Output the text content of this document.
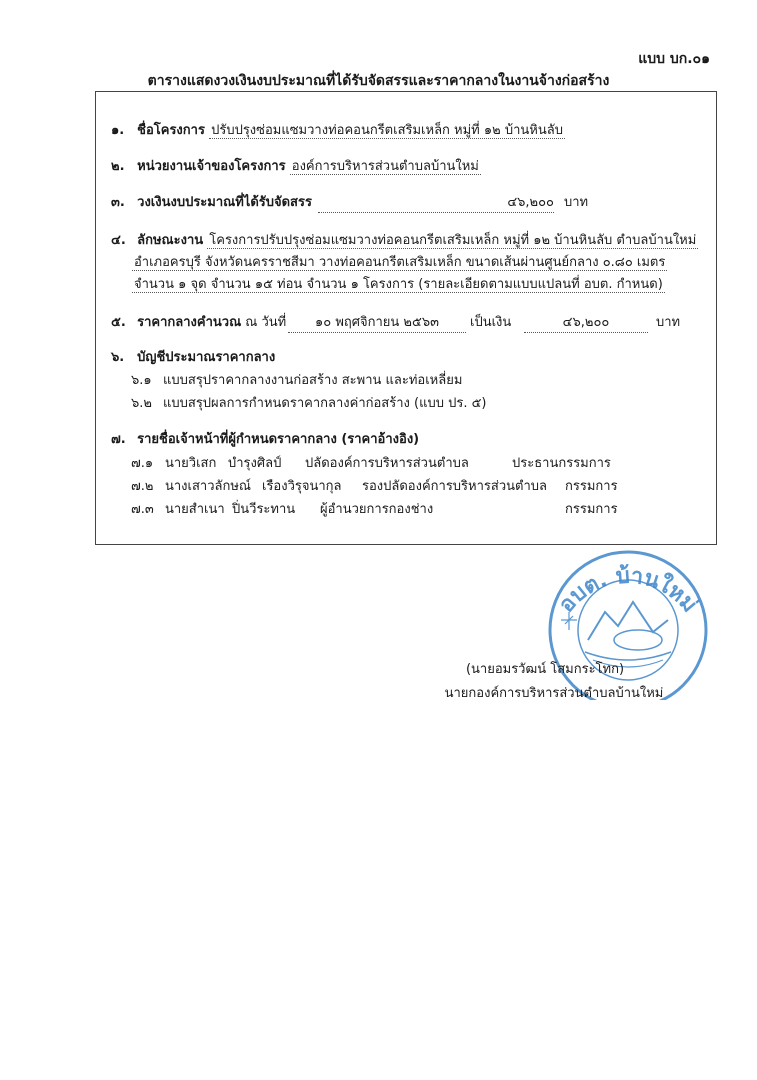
แบบ บก.๐๑
ตารางแสดงวงเงินงบประมาณที่ได้รับจัดสรรและราคากลางในงานจ้างก่อสร้าง
๑. ชื่อโครงการ ปรับปรุงซ่อมแซมวางท่อคอนกรีตเสริมเหล็ก หมู่ที่ ๑๒ บ้านหินลับ
๒. หน่วยงานเจ้าของโครงการ องค์การบริหารส่วนตำบลบ้านใหม่
๓. วงเงินงบประมาณที่ได้รับจัดสรร	๔๖,๒๐๐ บาท
๔. ลักษณะงาน โครงการปรับปรุงซ่อมแซมวางท่อคอนกรีตเสริมเหล็ก หมู่ที่ ๑๒ บ้านหินลับ ตำบลบ้านใหม่
อำเภอครบุรี จังหวัดนครราชสีมา วางท่อคอนกรีตเสริมเหล็ก ขนาดเส้นผ่านศูนย์กลาง ๐.๘๐ เมตร
จำนวน ๑ จุด จำนวน ๑๕ ท่อน จำนวน ๑ โครงการ (รายละเอียดตามแบบแปลนที่ อบต. กำหนด)
๕. ราคากลางคำนวณ ณ วันที่	๑๐ พฤศจิกายน ๒๕๖๓	เป็นเงิน	๔๖,๒๐๐	บาท
๖. บัญชีประมาณราคากลาง
๖.๑ แบบสรุปราคากลางงานก่อสร้าง สะพาน และท่อเหลี่ยม
๖.๒ แบบสรุปผลการกำหนดราคากลางค่าก่อสร้าง (แบบ ปร. ๕)
๗. รายชื่อเจ้าหน้าที่ผู้กำหนดราคากลาง (ราคาอ้างอิง)
๗.๑ นายวิเสก บำรุงศิลป์ ปลัดองค์การบริหารส่วนตำบล	ประธานกรรมการ
๗.๒ นางเสาวลักษณ์ เรืองวิรุจนากุล รองปลัดองค์การบริหารส่วนตำบล กรรมการ
๗.๓ นายสำเนา ปิ่นวีระทาน ผู้อำนวยการกองช่าง	กรรมการ
อบต. บ้านใหม่
(นายอมรวัฒน์ โสมกระโทก)
นายกองค์การบริหารส่วนตำบลบ้านใหม่
